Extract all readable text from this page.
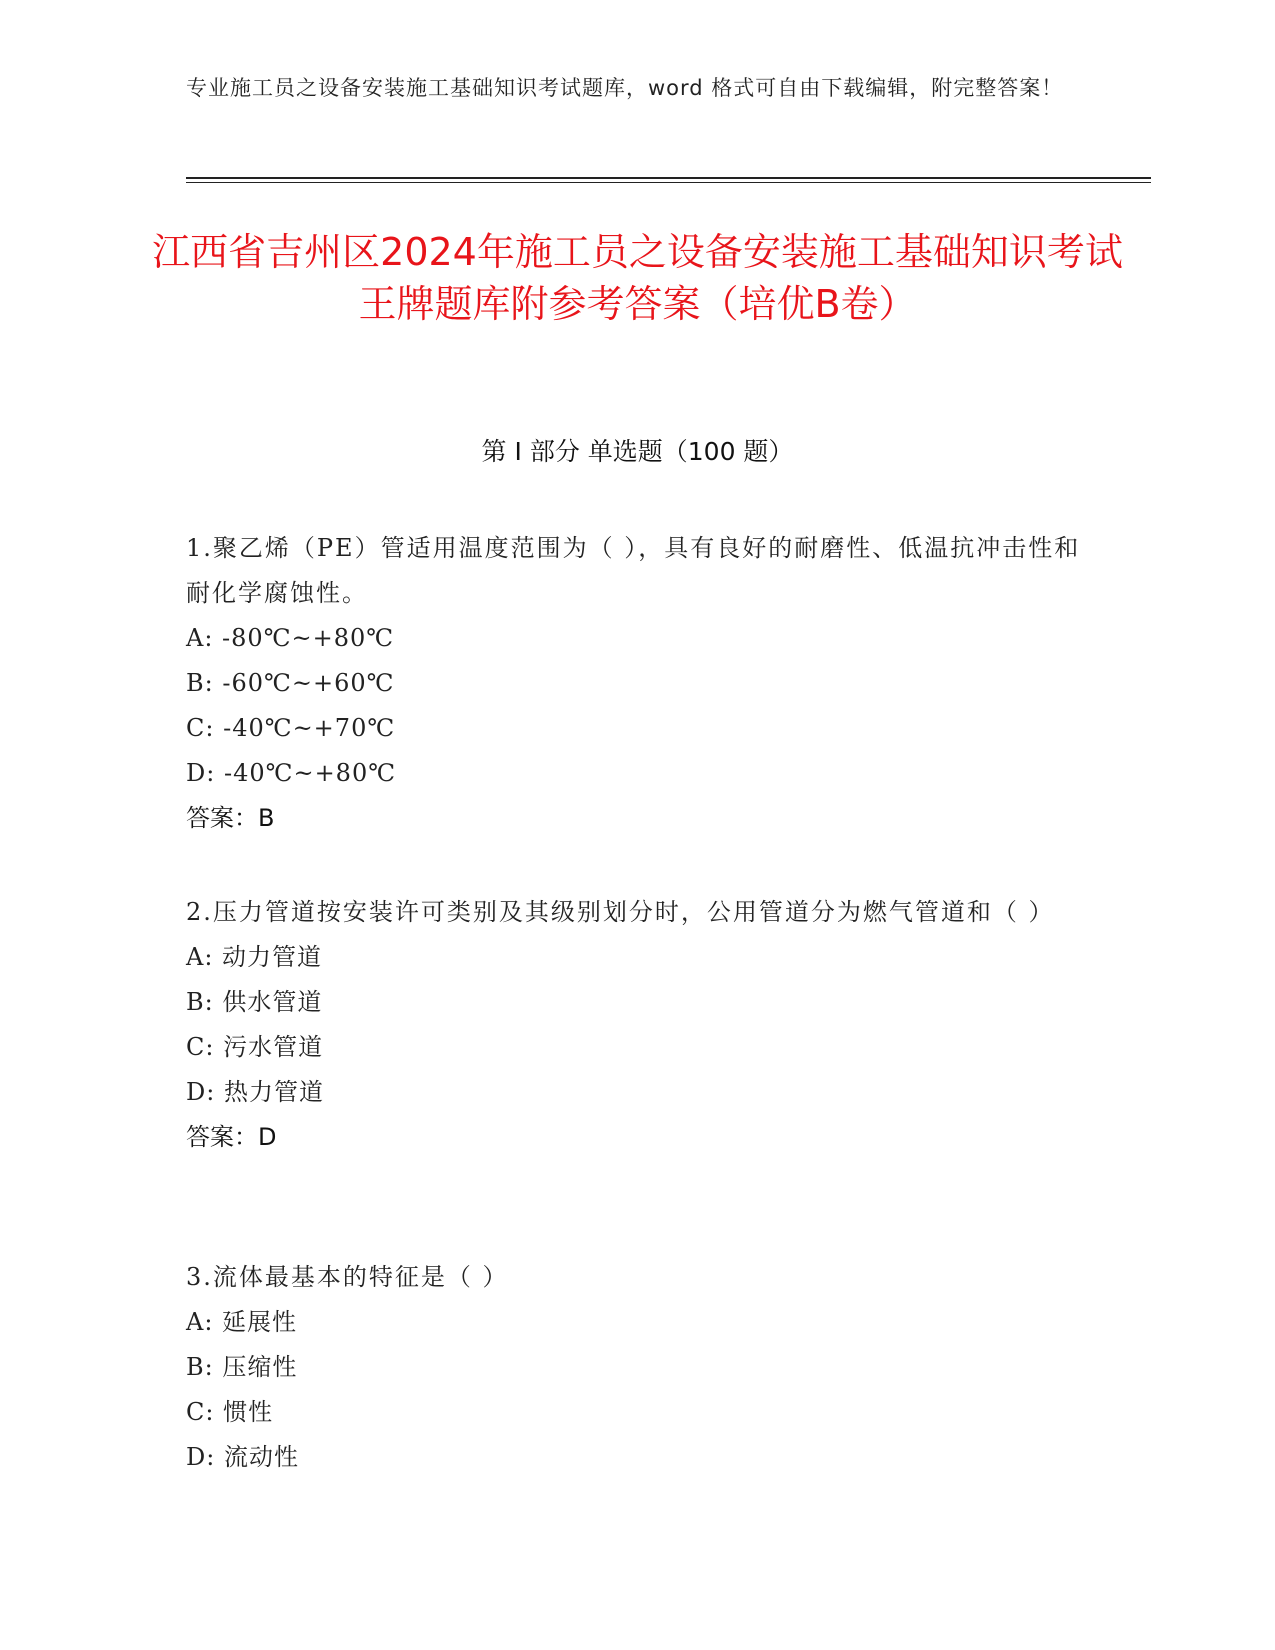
专业施工员之设备安装施工基础知识考试题库，word 格式可自由下载编辑，附完整答案！
江西省吉州区2024年施工员之设备安装施工基础知识考试王牌题库附参考答案（培优B卷）
第 I 部分 单选题（100 题）

1.聚乙烯（PE）管适用温度范围为（ ），具有良好的耐磨性、低温抗冲击性和耐化学腐蚀性。

A: -80℃~+80℃
B: -60℃~+60℃
C: -40℃~+70℃
D: -40℃~+80℃
答案：B

2.压力管道按安装许可类别及其级别划分时，公用管道分为燃气管道和（ ）

A: 动力管道
B: 供水管道
C: 污水管道
D: 热力管道
答案：D

3.流体最基本的特征是（ ）

A: 延展性
B: 压缩性
C: 惯性
D: 流动性
